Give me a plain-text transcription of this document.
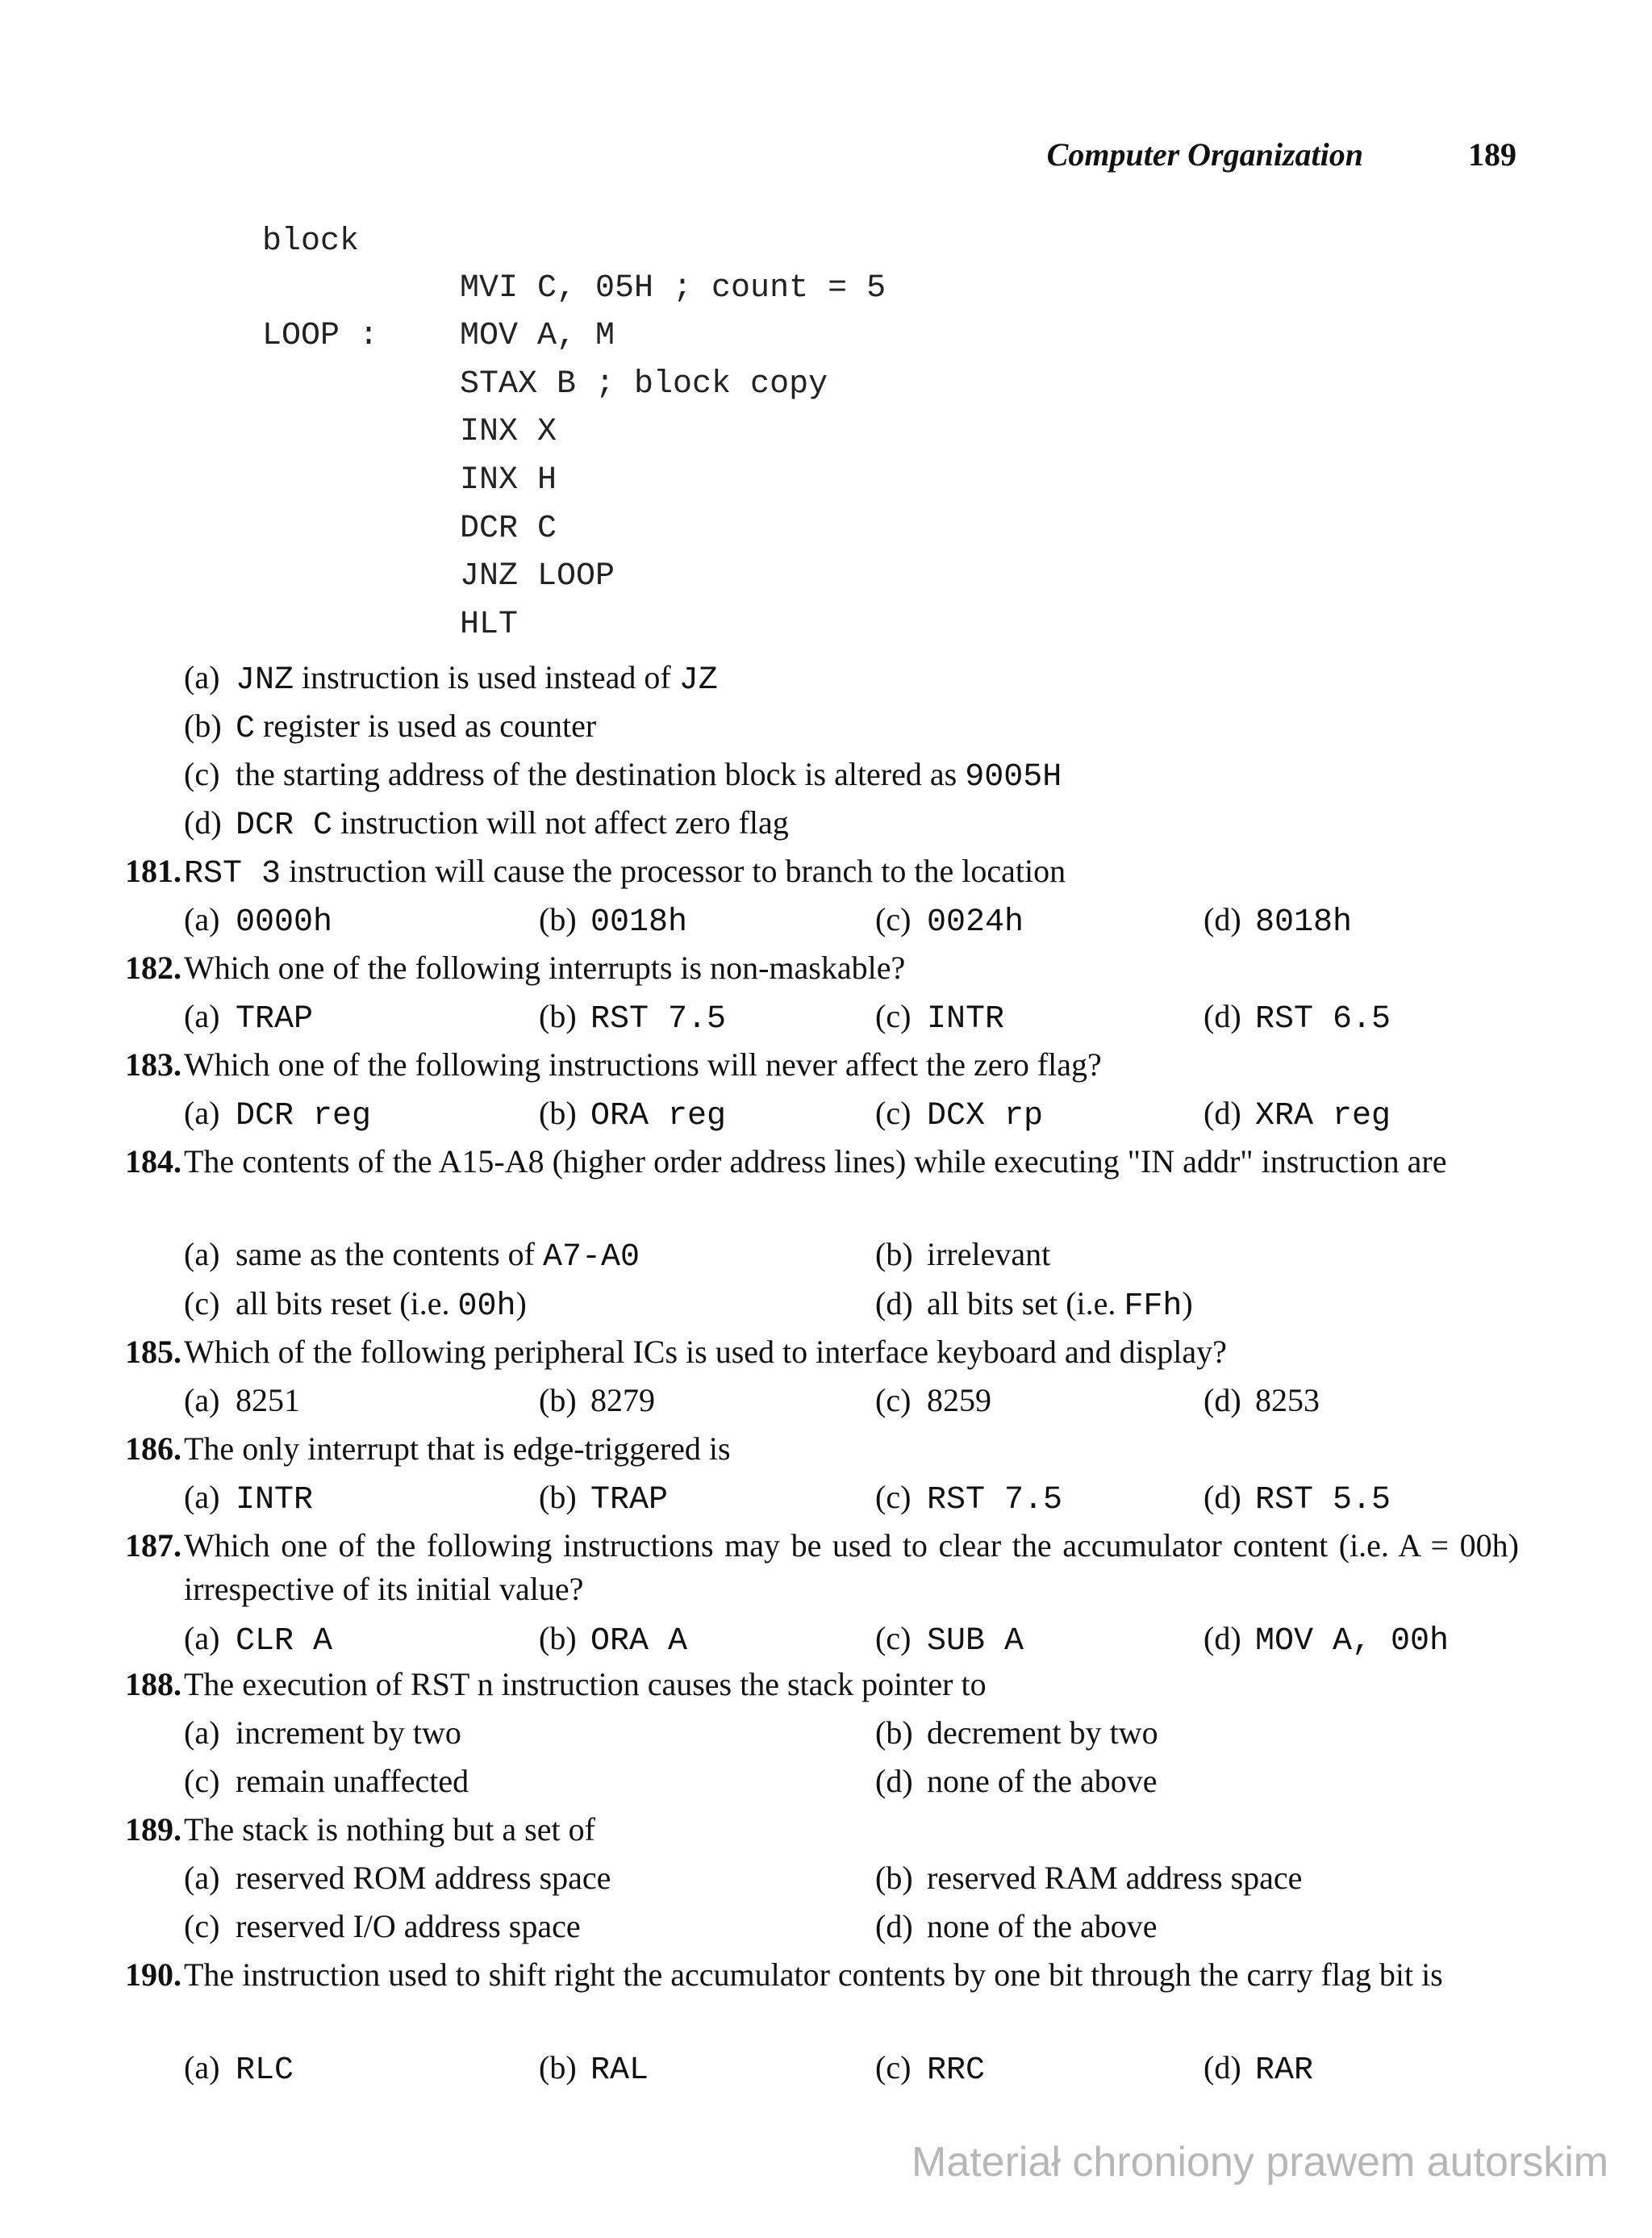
Computer Organization	189
block
MVI C, 05H ; count = 5
LOOP :	MOV A, M
STAX B ; block copy
INX X
INX H
DCR C
JNZ LOOP
HLT
(a) JNZ instruction is used instead of JZ
(b) C register is used as counter
(c) the starting address of the destination block is altered as 9005H
(d) DCR C instruction will not affect zero flag
181. RST 3 instruction will cause the processor to branch to the location
(a) 0000h	(b) 0018h	(c) 0024h	(d) 8018h
182. Which one of the following interrupts is non-maskable?
(a) TRAP	(b) RST 7.5	(c) INTR	(d) RST 6.5
183. Which one of the following instructions will never affect the zero flag?
(a) DCR reg	(b) ORA reg	(c) DCX rp	(d) XRA reg
184. The contents of the A15-A8 (higher order address lines) while executing "IN addr" instruction are
(a) same as the contents of A7-A0	(b) irrelevant
(c) all bits reset (i.e. 00h)	(d) all bits set (i.e. FFh)
185. Which of the following peripheral ICs is used to interface keyboard and display?
(a) 8251	(b) 8279	(c) 8259	(d) 8253
186. The only interrupt that is edge-triggered is
(a) INTR	(b) TRAP	(c) RST 7.5	(d) RST 5.5
187. Which one of the following instructions may be used to clear the accumulator content (i.e. A = 00h) irrespective of its initial value?
(a) CLR A	(b) ORA A	(c) SUB A	(d) MOV A, 00h
188. The execution of RST n instruction causes the stack pointer to
(a) increment by two	(b) decrement by two
(c) remain unaffected	(d) none of the above
189. The stack is nothing but a set of
(a) reserved ROM address space	(b) reserved RAM address space
(c) reserved I/O address space	(d) none of the above
190. The instruction used to shift right the accumulator contents by one bit through the carry flag bit is
(a) RLC	(b) RAL	(c) RRC	(d) RAR
Materiał chroniony prawem autorskim
